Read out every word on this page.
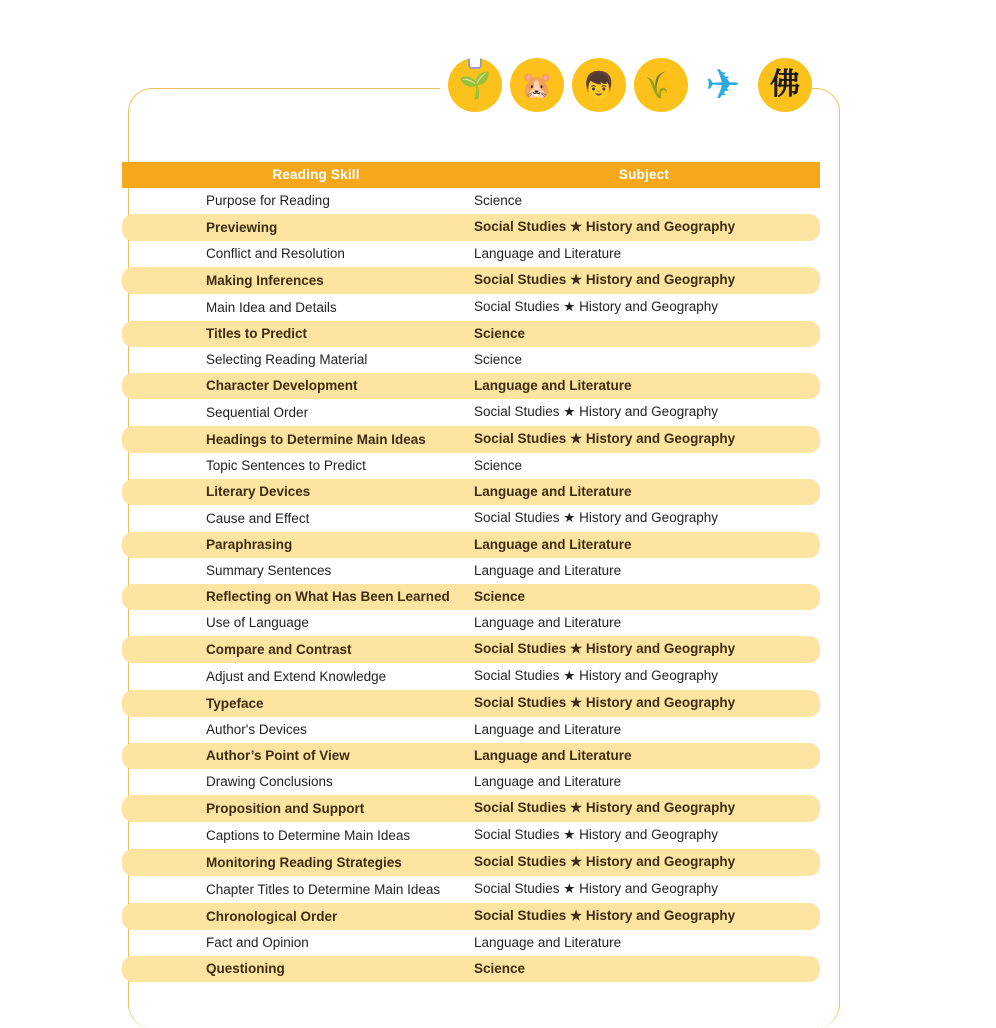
🌱 🐹 👦 🌾 ✈ 佛
	Reading Skill	Subject
	Purpose for Reading	Science
	Previewing	Social Studies ★ History and Geography
	Conflict and Resolution	Language and Literature
	Making Inferences	Social Studies ★ History and Geography
	Main Idea and Details	Social Studies ★ History and Geography
	Titles to Predict	Science
	Selecting Reading Material	Science
	Character Development	Language and Literature
	Sequential Order	Social Studies ★ History and Geography
	Headings to Determine Main Ideas	Social Studies ★ History and Geography
	Topic Sentences to Predict	Science
	Literary Devices	Language and Literature
	Cause and Effect	Social Studies ★ History and Geography
	Paraphrasing	Language and Literature
	Summary Sentences	Language and Literature
	Reflecting on What Has Been Learned	Science
	Use of Language	Language and Literature
	Compare and Contrast	Social Studies ★ History and Geography
	Adjust and Extend Knowledge	Social Studies ★ History and Geography
	Typeface	Social Studies ★ History and Geography
	Author's Devices	Language and Literature
	Author’s Point of View	Language and Literature
	Drawing Conclusions	Language and Literature
	Proposition and Support	Social Studies ★ History and Geography
	Captions to Determine Main Ideas	Social Studies ★ History and Geography
	Monitoring Reading Strategies	Social Studies ★ History and Geography
	Chapter Titles to Determine Main Ideas	Social Studies ★ History and Geography
	Chronological Order	Social Studies ★ History and Geography
	Fact and Opinion	Language and Literature
	Questioning	Science
